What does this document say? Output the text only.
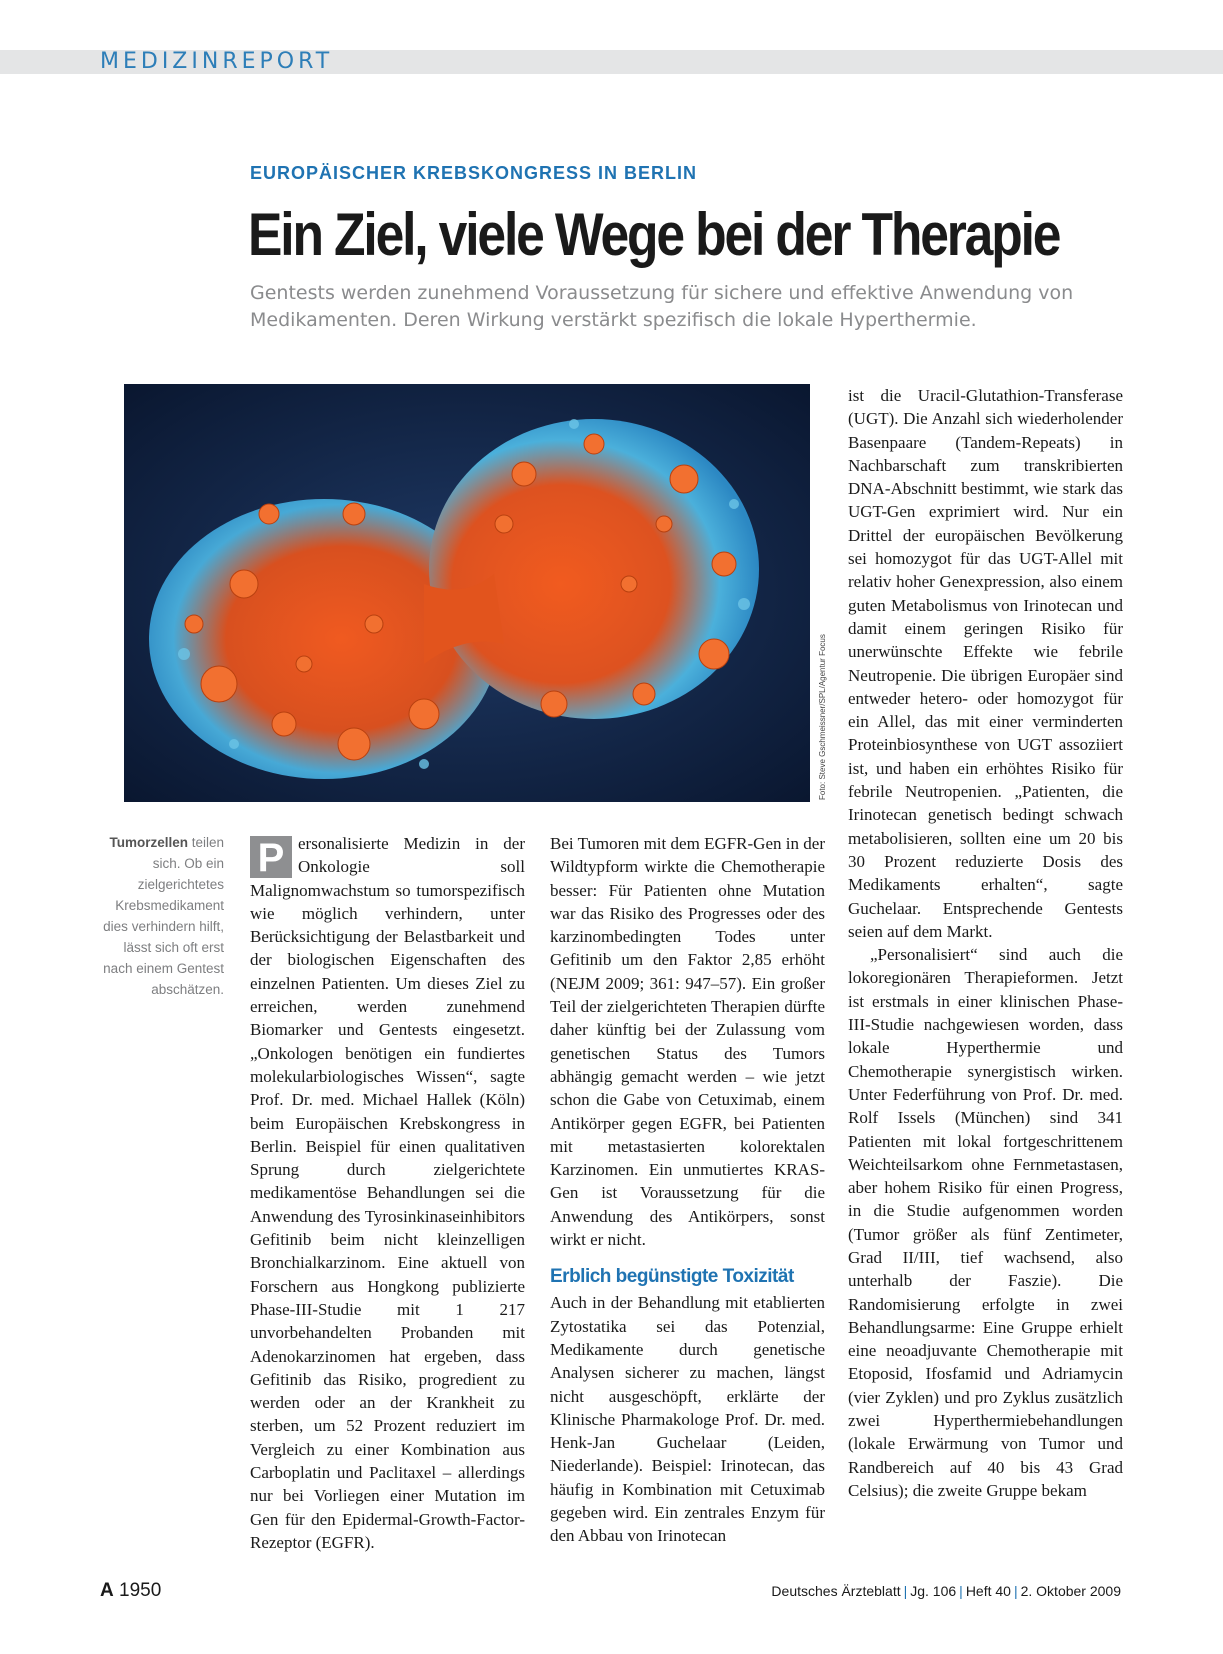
MEDIZINREPORT
EUROPÄISCHER KREBSKONGRESS IN BERLIN
Ein Ziel, viele Wege bei der Therapie
Gentests werden zunehmend Voraussetzung für sichere und effektive Anwendung von Medikamenten. Deren Wirkung verstärkt spezifisch die lokale Hyperthermie.
Foto: Steve Gschmeissner/SPL/Agentur Focus
Tumorzellen teilen sich. Ob ein zielgerichtetes Krebsmedikament dies verhindern hilft, lässt sich oft erst nach einem Gentest abschätzen.
P ersonalisierte Medizin in der Onkologie soll Malignomwachstum so tumorspezifisch wie möglich verhindern, unter Berücksichtigung der Belastbarkeit und der biologischen Eigenschaften des einzelnen Patienten. Um dieses Ziel zu erreichen, werden zunehmend Biomarker und Gentests eingesetzt. „Onkologen benötigen ein fundiertes molekularbiologisches Wissen“, sagte Prof. Dr. med. Michael Hallek (Köln) beim Europäischen Krebskongress in Berlin. Beispiel für einen qualitativen Sprung durch zielgerichtete medikamentöse Behandlungen sei die Anwendung des Tyrosinkinaseinhibitors Gefitinib beim nicht kleinzelligen Bronchialkarzinom. Eine aktuell von Forschern aus Hongkong publizierte Phase-III-Studie mit 1 217 unvorbehandelten Probanden mit Adenokarzinomen hat ergeben, dass Gefitinib das Risiko, progredient zu werden oder an der Krankheit zu sterben, um 52 Prozent reduziert im Vergleich zu einer Kombination aus Carboplatin und Paclitaxel – allerdings nur bei Vorliegen einer Mutation im Gen für den Epidermal-Growth-Factor-Rezeptor (EGFR).

Bei Tumoren mit dem EGFR-Gen in der Wildtypform wirkte die Chemotherapie besser: Für Patienten ohne Mutation war das Risiko des Progresses oder des karzinombedingten Todes unter Gefitinib um den Faktor 2,85 erhöht (NEJM 2009; 361: 947–57). Ein großer Teil der zielgerichteten Therapien dürfte daher künftig bei der Zulassung vom genetischen Status des Tumors abhängig gemacht werden – wie jetzt schon die Gabe von Cetuximab, einem Antikörper gegen EGFR, bei Patienten mit metastasierten kolorektalen Karzinomen. Ein unmutiertes KRAS-Gen ist Voraussetzung für die Anwendung des Antikörpers, sonst wirkt er nicht.

Erblich begünstigte Toxizität

Auch in der Behandlung mit etablierten Zytostatika sei das Potenzial, Medikamente durch genetische Analysen sicherer zu machen, längst nicht ausgeschöpft, erklärte der Klinische Pharmakologe Prof. Dr. med. Henk-Jan Guchelaar (Leiden, Niederlande). Beispiel: Irinotecan, das häufig in Kombination mit Cetuximab gegeben wird. Ein zentrales Enzym für den Abbau von Irinotecan

ist die Uracil-Glutathion-Transferase (UGT). Die Anzahl sich wiederholender Basenpaare (Tandem-Repeats) in Nachbarschaft zum transkribierten DNA-Abschnitt bestimmt, wie stark das UGT-Gen exprimiert wird. Nur ein Drittel der europäischen Bevölkerung sei homozygot für das UGT-Allel mit relativ hoher Genexpression, also einem guten Metabolismus von Irinotecan und damit einem geringen Risiko für unerwünschte Effekte wie febrile Neutropenie. Die übrigen Europäer sind entweder hetero- oder homozygot für ein Allel, das mit einer verminderten Proteinbiosynthese von UGT assoziiert ist, und haben ein erhöhtes Risiko für febrile Neutropenien. „Patienten, die Irinotecan genetisch bedingt schwach metabolisieren, sollten eine um 20 bis 30 Prozent reduzierte Dosis des Medikaments erhalten“, sagte Guchelaar. Entsprechende Gentests seien auf dem Markt.

„Personalisiert“ sind auch die lokoregionären Therapieformen. Jetzt ist erstmals in einer klinischen Phase-III-Studie nachgewiesen worden, dass lokale Hyperthermie und Chemotherapie synergistisch wirken. Unter Federführung von Prof. Dr. med. Rolf Issels (München) sind 341 Patienten mit lokal fortgeschrittenem Weichteilsarkom ohne Fernmetastasen, aber hohem Risiko für einen Progress, in die Studie aufgenommen worden (Tumor größer als fünf Zentimeter, Grad II/III, tief wachsend, also unterhalb der Faszie). Die Randomisierung erfolgte in zwei Behandlungsarme: Eine Gruppe erhielt eine neoadjuvante Chemotherapie mit Etoposid, Ifosfamid und Adriamycin (vier Zyklen) und pro Zyklus zusätzlich zwei Hyperthermiebehandlungen (lokale Erwärmung von Tumor und Randbereich auf 40 bis 43 Grad Celsius); die zweite Gruppe bekam

A 1950	Deutsches Ärzteblatt | Jg. 106 | Heft 40 | 2. Oktober 2009
